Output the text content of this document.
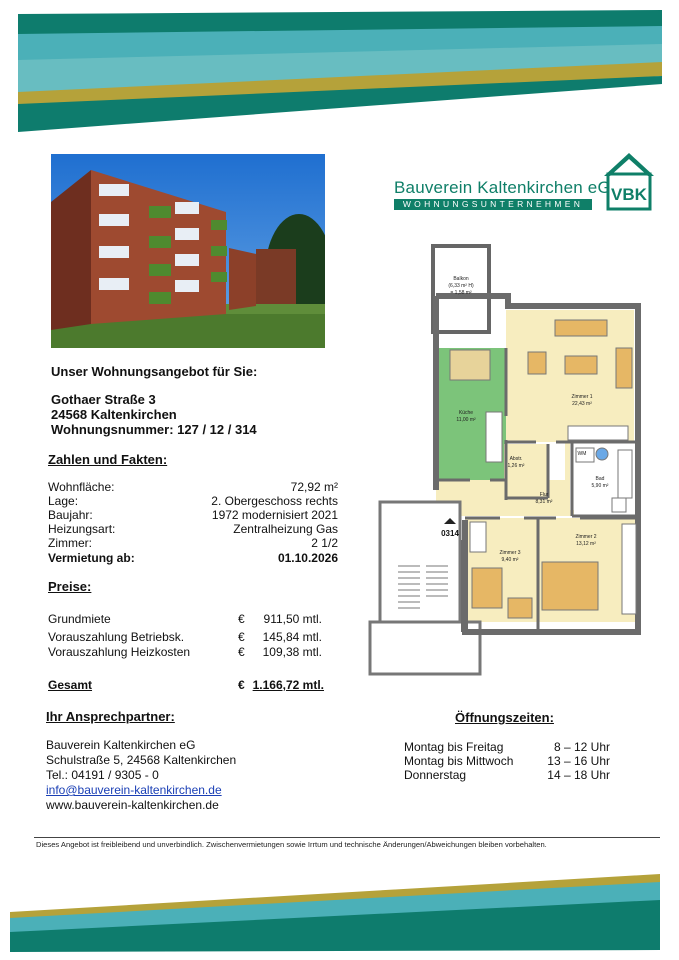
Bauverein Kaltenkirchen eG
WOHNUNGSUNTERNEHMEN	VBK
Unser Wohnungsangebot für Sie:
Gothaer Straße 3
24568 Kaltenkirchen
Wohnungsnummer: 127 / 12 / 314
Zahlen und Fakten:
Wohnfläche:	72,92 m²
Lage:	2. Obergeschoss rechts
Baujahr:	1972 modernisiert 2021
Heizungsart:	Zentralheizung Gas
Zimmer:	2 1/2
Vermietung ab:	01.10.2026
Preise:
Grundmiete	€ 911,50 mtl.
Vorauszahlung Betriebsk.	€ 145,84 mtl.
Vorauszahlung Heizkosten	€ 109,38 mtl.
Gesamt	€ 1.166,72 mtl.
Ihr Ansprechpartner:
Bauverein Kaltenkirchen eG
Schulstraße 5, 24568 Kaltenkirchen
Tel.: 04191 / 9305 - 0
info@bauverein-kaltenkirchen.de
www.bauverein-kaltenkirchen.de
Öffnungszeiten:
Montag bis Freitag	8 – 12 Uhr
Montag bis Mittwoch	13 – 16 Uhr
Donnerstag	14 – 18 Uhr
Dieses Angebot ist freibleibend und unverbindlich. Zwischenvermietungen sowie Irrtum und technische Änderungen/Abweichungen bleiben vorbehalten.
Balkon
(6,33 m² H)
= 1,58 m²
Küche
11,00 m²
Zimmer 1
22,43 m²
Abstr.
1,26 m²
Flur
8,31 m²
Bad
5,90 m²
WM
Zimmer 3
9,40 m²
Zimmer 2
13,12 m²
0314
